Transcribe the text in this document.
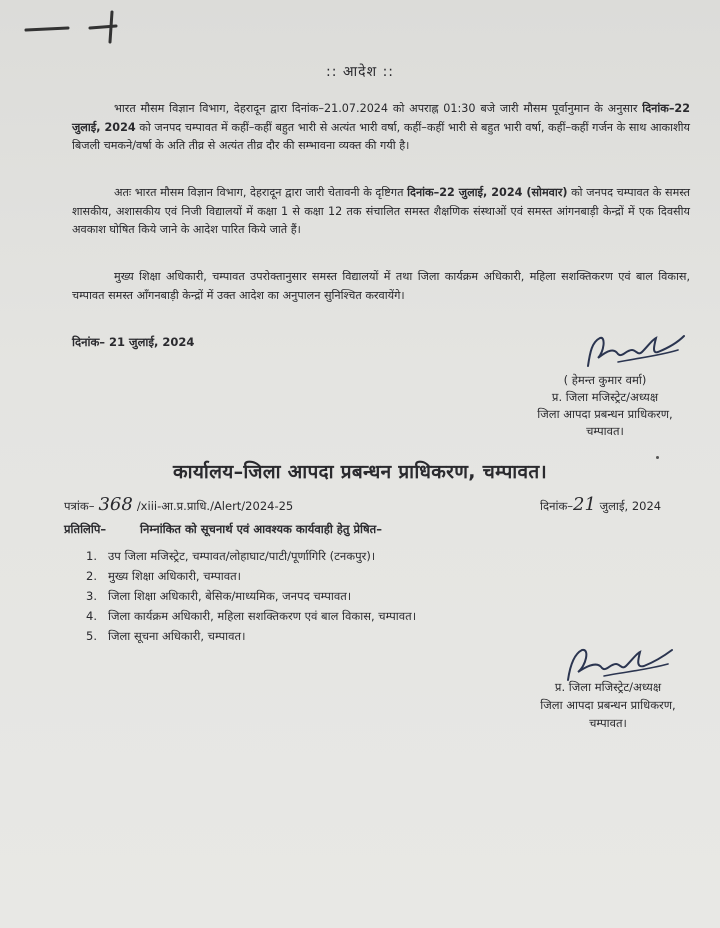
:: आदेश ::

भारत मौसम विज्ञान विभाग, देहरादून द्वारा दिनांक–21.07.2024 को अपराह्न 01:30 बजे जारी मौसम पूर्वानुमान के अनुसार दिनांक–22 जुलाई, 2024 को जनपद चम्पावत में कहीं–कहीं बहुत भारी से अत्यंत भारी वर्षा, कहीं–कहीं भारी से बहुत भारी वर्षा, कहीं–कहीं गर्जन के साथ आकाशीय बिजली चमकने/वर्षा के अति तीव्र से अत्यंत तीव्र दौर की सम्भावना व्यक्त की गयी है।

अतः भारत मौसम विज्ञान विभाग, देहरादून द्वारा जारी चेतावनी के दृष्टिगत दिनांक–22 जुलाई, 2024 (सोमवार) को जनपद चम्पावत के समस्त शासकीय, अशासकीय एवं निजी विद्यालयों में कक्षा 1 से कक्षा 12 तक संचालित समस्त शैक्षणिक संस्थाओं एवं समस्त आंगनबाड़ी केन्द्रों में एक दिवसीय अवकाश घोषित किये जाने के आदेश पारित किये जाते हैं।

मुख्य शिक्षा अधिकारी, चम्पावत उपरोक्तानुसार समस्त विद्यालयों में तथा जिला कार्यक्रम अधिकारी, महिला सशक्तिकरण एवं बाल विकास, चम्पावत समस्त आँगनबाड़ी केन्द्रों में उक्त आदेश का अनुपालन सुनिश्चित करवायेंगे।

दिनांक– 21 जुलाई, 2024
( हेमन्त कुमार वर्मा)
प्र. जिला मजिस्ट्रेट/अध्यक्ष
जिला आपदा प्रबन्धन प्राधिकरण,
चम्पावत।
कार्यालय–जिला आपदा प्रबन्धन प्राधिकरण, चम्पावत।
पत्रांक– 368 /xiii-आ.प्र.प्राधि./Alert/2024-25	दिनांक–21 जुलाई, 2024
प्रतिलिपि–	निम्नांकित को सूचनार्थ एवं आवश्यक कार्यवाही हेतु प्रेषित–
1. उप जिला मजिस्ट्रेट, चम्पावत/लोहाघाट/पाटी/पूर्णागिरि (टनकपुर)।
2. मुख्य शिक्षा अधिकारी, चम्पावत।
3. जिला शिक्षा अधिकारी, बेसिक/माध्यमिक, जनपद चम्पावत।
4. जिला कार्यक्रम अधिकारी, महिला सशक्तिकरण एवं बाल विकास, चम्पावत।
5. जिला सूचना अधिकारी, चम्पावत।
प्र. जिला मजिस्ट्रेट/अध्यक्ष
जिला आपदा प्रबन्धन प्राधिकरण,
चम्पावत।
